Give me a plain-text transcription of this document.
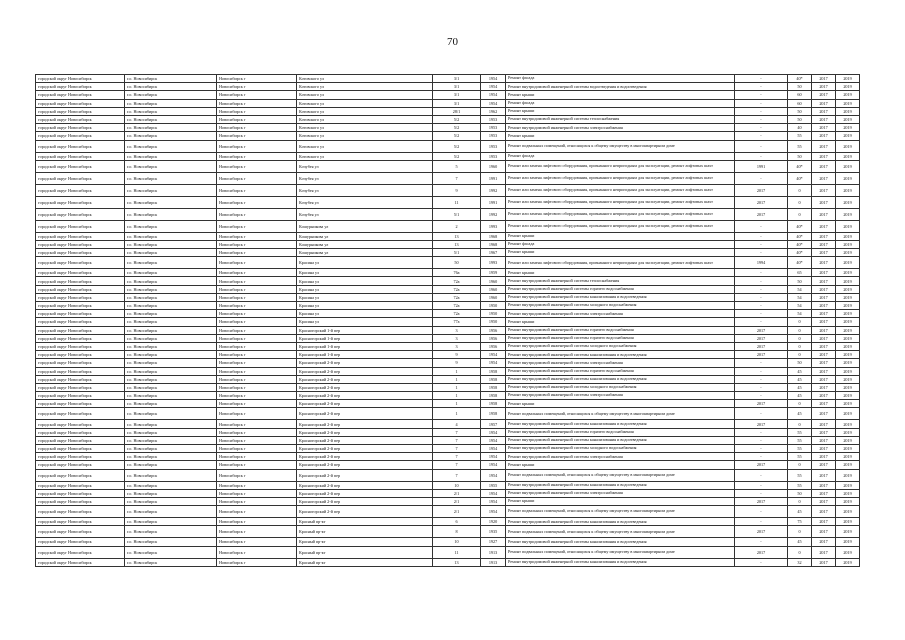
70
городской округ Новосибирск	г.о. Новосибирск	Новосибирск г	Котовского ул	3/1	1954	Ремонт фасада	-	40*	2017	2019
городской округ Новосибирск	г.о. Новосибирск	Новосибирск г	Котовского ул	3/1	1954	Ремонт внутридомовой инженерной системы водоотведения и водоотведения	-	50	2017	2019
городской округ Новосибирск	г.о. Новосибирск	Новосибирск г	Котовского ул	3/1	1954	Ремонт крыши	-	60	2017	2019
городской округ Новосибирск	г.о. Новосибирск	Новосибирск г	Котовского ул	3/1	1954	Ремонт фасада	-	60	2017	2019
городской округ Новосибирск	г.о. Новосибирск	Новосибирск г	Котовского ул	28/1	1962	Ремонт крыши	-	50	2017	2019
городской округ Новосибирск	г.о. Новосибирск	Новосибирск г	Котовского ул	5/2	1953	Ремонт внутридомовой инженерной системы теплоснабжения	-	50	2017	2019
городской округ Новосибирск	г.о. Новосибирск	Новосибирск г	Котовского ул	5/2	1953	Ремонт внутридомовой инженерной системы электроснабжения	-	40	2017	2019
городской округ Новосибирск	г.о. Новосибирск	Новосибирск г	Котовского ул	5/2	1953	Ремонт крыши	-	55	2017	2019
городской округ Новосибирск	г.о. Новосибирск	Новосибирск г	Котовского ул	5/2	1953	Ремонт подвальных помещений, относящихся к общему имуществу в многоквартирном доме	-	55	2017	2019
городской округ Новосибирск	г.о. Новосибирск	Новосибирск г	Котовского ул	5/2	1953	Ремонт фасада	-	50	2017	2019
городской округ Новосибирск	г.о. Новосибирск	Новосибирск г	Кочубея ул	5	1960	Ремонт или замена лифтового оборудования, признанного непригодным для эксплуатации, ремонт лифтовых шахт	1991	40*	2017	2019
городской округ Новосибирск	г.о. Новосибирск	Новосибирск г	Кочубея ул	7	1991	Ремонт или замена лифтового оборудования, признанного непригодным для эксплуатации, ремонт лифтовых шахт	-	40*	2017	2019
городской округ Новосибирск	г.о. Новосибирск	Новосибирск г	Кочубея ул	9	1992	Ремонт или замена лифтового оборудования, признанного непригодным для эксплуатации, ремонт лифтовых шахт	2017	0	2017	2019
городской округ Новосибирск	г.о. Новосибирск	Новосибирск г	Кочубея ул	11	1991	Ремонт или замена лифтового оборудования, признанного непригодным для эксплуатации, ремонт лифтовых шахт	2017	0	2017	2019
городской округ Новосибирск	г.о. Новосибирск	Новосибирск г	Кочубея ул	5/1	1992	Ремонт или замена лифтового оборудования, признанного непригодным для эксплуатации, ремонт лифтовых шахт	2017	0	2017	2019
городской округ Новосибирск	г.о. Новосибирск	Новосибирск г	Кошурникова ул	2	1993	Ремонт или замена лифтового оборудования, признанного непригодным для эксплуатации, ремонт лифтовых шахт	-	40*	2017	2019
городской округ Новосибирск	г.о. Новосибирск	Новосибирск г	Кошурникова ул	13	1968	Ремонт крыши	-	40*	2017	2019
городской округ Новосибирск	г.о. Новосибирск	Новосибирск г	Кошурникова ул	13	1968	Ремонт фасада	-	40*	2017	2019
городской округ Новосибирск	г.о. Новосибирск	Новосибирск г	Кошурникова ул	5/1	1967	Ремонт крыши	-	40*	2017	2019
городской округ Новосибирск	г.о. Новосибирск	Новосибирск г	Красина ул	50	1993	Ремонт или замена лифтового оборудования, признанного непригодным для эксплуатации, ремонт лифтовых шахт	1994	40*	2017	2019
городской округ Новосибирск	г.о. Новосибирск	Новосибирск г	Красина ул	76а	1959	Ремонт крыши	-	65	2017	2019
городской округ Новосибирск	г.о. Новосибирск	Новосибирск г	Красина ул	72а	1960	Ремонт внутридомовой инженерной системы теплоснабжения	-	50	2017	2019
городской округ Новосибирск	г.о. Новосибирск	Новосибирск г	Красина ул	72а	1960	Ремонт внутридомовой инженерной системы горячего водоснабжения	-	54	2017	2019
городской округ Новосибирск	г.о. Новосибирск	Новосибирск г	Красина ул	72а	1960	Ремонт внутридомовой инженерной системы канализования и водоотведения	-	54	2017	2019
городской округ Новосибирск	г.о. Новосибирск	Новосибирск г	Красина ул	72а	1950	Ремонт внутридомовой инженерной системы холодного водоснабжения	-	54	2017	2019
городской округ Новосибирск	г.о. Новосибирск	Новосибирск г	Красина ул	72а	1950	Ремонт внутридомовой инженерной системы электроснабжения	-	54	2017	2019
городской округ Новосибирск	г.о. Новосибирск	Новосибирск г	Красина ул	77а	1950	Ремонт крыши	-	0	2017	2019
городской округ Новосибирск	г.о. Новосибирск	Новосибирск г	Красногорский 1-й пер	3	1956	Ремонт внутридомовой инженерной системы горячего водоснабжения	2017	0	2017	2019
городской округ Новосибирск	г.о. Новосибирск	Новосибирск г	Красногорский 1-й пер	3	1956	Ремонт внутридомовой инженерной системы горячего водоснабжения	2017	0	2017	2019
городской округ Новосибирск	г.о. Новосибирск	Новосибирск г	Красногорский 1-й пер	3	1956	Ремонт внутридомовой инженерной системы холодного водоснабжения	2017	0	2017	2019
городской округ Новосибирск	г.о. Новосибирск	Новосибирск г	Красногорский 1-й пер	9	1954	Ремонт внутридомовой инженерной системы канализования и водоотведения	2017	0	2017	2019
городской округ Новосибирск	г.о. Новосибирск	Новосибирск г	Красногорский 2-й пер	9	1954	Ремонт внутридомовой инженерной системы электроснабжения	-	50	2017	2019
городской округ Новосибирск	г.о. Новосибирск	Новосибирск г	Красногорский 2-й пер	1	1958	Ремонт внутридомовой инженерной системы горячего водоснабжения	-	45	2017	2019
городской округ Новосибирск	г.о. Новосибирск	Новосибирск г	Красногорский 2-й пер	1	1958	Ремонт внутридомовой инженерной системы канализования и водоотведения	-	45	2017	2019
городской округ Новосибирск	г.о. Новосибирск	Новосибирск г	Красногорский 2-й пер	1	1958	Ремонт внутридомовой инженерной системы холодного водоснабжения	-	45	2017	2019
городской округ Новосибирск	г.о. Новосибирск	Новосибирск г	Красногорский 2-й пер	1	1958	Ремонт внутридомовой инженерной системы электроснабжения	-	45	2017	2019
городской округ Новосибирск	г.о. Новосибирск	Новосибирск г	Красногорский 2-й пер	1	1958	Ремонт крыши	2017	0	2017	2019
городской округ Новосибирск	г.о. Новосибирск	Новосибирск г	Красногорский 2-й пер	1	1958	Ремонт подвальных помещений, относящихся к общему имуществу в многоквартирном доме	-	45	2017	2019
городской округ Новосибирск	г.о. Новосибирск	Новосибирск г	Красногорский 2-й пер	4	1957	Ремонт внутридомовой инженерной системы канализования и водоотведения	2017	0	2017	2019
городской округ Новосибирск	г.о. Новосибирск	Новосибирск г	Красногорский 2-й пер	7	1954	Ремонт внутридомовой инженерной системы горячего водоснабжения	-	55	2017	2019
городской округ Новосибирск	г.о. Новосибирск	Новосибирск г	Красногорский 2-й пер	7	1954	Ремонт внутридомовой инженерной системы канализования и водоотведения	-	55	2017	2019
городской округ Новосибирск	г.о. Новосибирск	Новосибирск г	Красногорский 2-й пер	7	1954	Ремонт внутридомовой инженерной системы холодного водоснабжения	-	55	2017	2019
городской округ Новосибирск	г.о. Новосибирск	Новосибирск г	Красногорский 2-й пер	7	1954	Ремонт внутридомовой инженерной системы электроснабжения	-	55	2017	2019
городской округ Новосибирск	г.о. Новосибирск	Новосибирск г	Красногорский 2-й пер	7	1954	Ремонт крыши	2017	0	2017	2019
городской округ Новосибирск	г.о. Новосибирск	Новосибирск г	Красногорский 2-й пер	7	1954	Ремонт подвальных помещений, относящихся к общему имуществу в многоквартирном доме	-	55	2017	2019
городской округ Новосибирск	г.о. Новосибирск	Новосибирск г	Красногорский 2-й пер	10	1955	Ремонт внутридомовой инженерной системы канализования и водоотведения	-	55	2017	2019
городской округ Новосибирск	г.о. Новосибирск	Новосибирск г	Красногорский 2-й пер	2/1	1954	Ремонт внутридомовой инженерной системы электроснабжения	-	50	2017	2019
городской округ Новосибирск	г.о. Новосибирск	Новосибирск г	Красногорский 2-й пер	2/1	1954	Ремонт крыши	2017	0	2017	2019
городской округ Новосибирск	г.о. Новосибирск	Новосибирск г	Красногорский 2-й пер	2/1	1954	Ремонт подвальных помещений, относящихся к общему имуществу в многоквартирном доме	-	45	2017	2019
городской округ Новосибирск	г.о. Новосибирск	Новосибирск г	Красный пр-кт	6	1920	Ремонт внутридомовой инженерной системы канализования и водоотведения	-	75	2017	2019
городской округ Новосибирск	г.о. Новосибирск	Новосибирск г	Красный пр-кт	8	1935	Ремонт подвальных помещений, относящихся к общему имуществу в многоквартирном доме	2017	0	2017	2019
городской округ Новосибирск	г.о. Новосибирск	Новосибирск г	Красный пр-кт	10	1927	Ремонт внутридомовой инженерной системы канализования и водоотведения	-	45	2017	2019
городской округ Новосибирск	г.о. Новосибирск	Новосибирск г	Красный пр-кт	11	1913	Ремонт подвальных помещений, относящихся к общему имуществу в многоквартирном доме	2017	0	2017	2019
городской округ Новосибирск	г.о. Новосибирск	Новосибирск г	Красный пр-кт	13	1913	Ремонт внутридомовой инженерной системы канализования и водоотведения	-	32	2017	2019
